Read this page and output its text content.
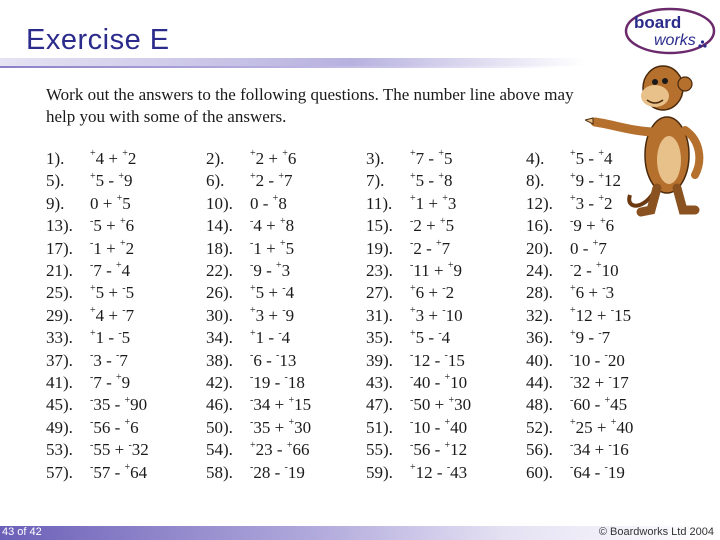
Exercise E
board
works
Work out the answers to the following questions. The number line above may help you with some of the answers.
1).	+4 + +2	2).	+2 + +6	3).	+7 - +5	4).	+5 - +4
5).	+5 - +9	6).	+2 - +7	7).	+5 - +8	8).	+9 - +12
9). 0 + +5	10). 0 - +8	11). +1 + +3	12). +3 - +2
13). -5 + +6	14). -4 + +8	15). -2 + +5	16). -9 + +6
17). -1 + +2	18). -1 + +5	19). -2 - +7	20). 0 - +7
21). -7 - +4	22). -9 - +3	23). -11 + +9	24). -2 - +10
25). +5 + -5	26). +5 + -4	27). +6 + -2	28). +6 + -3
29). +4 + -7	30). +3 + -9	31). +3 + -10	32). +12 + -15
33). +1 - -5	34). +1 - -4	35). +5 - -4	36). +9 - -7
37). -3 - -7	38). -6 - -13	39). -12 - -15	40). -10 - -20
41). -7 - +9	42). -19 - -18	43). -40 - +10	44). -32 + -17
45). -35 - +90	46). -34 + +15	47). -50 + +30	48). -60 - +45
49). -56 - +6	50). -35 + +30	51). -10 - +40	52). +25 + +40
53). -55 + -32	54). +23 - +66	55). -56 - +12	56). -34 + -16
57). -57 - +64	58). -28 - -19	59). +12 - -43	60). -64 - -19
43 of 42	© Boardworks Ltd 2004
